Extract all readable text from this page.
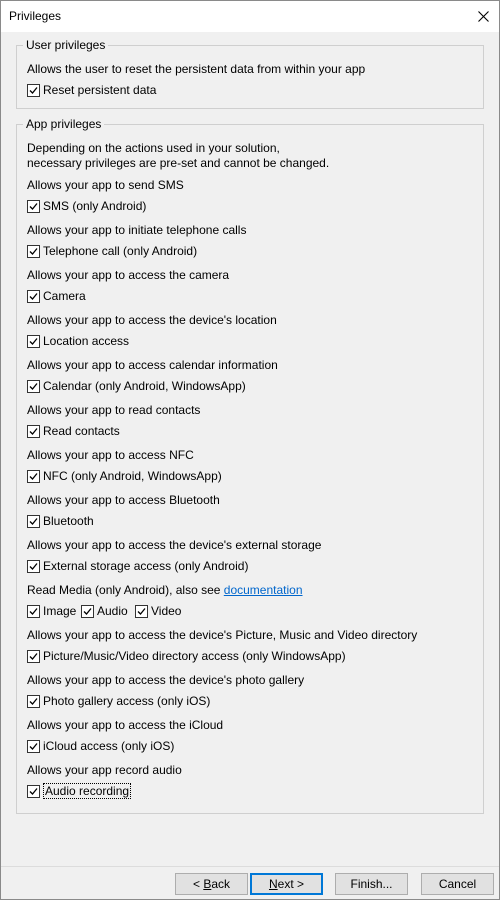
Privileges
User privileges
Allows the user to reset the persistent data from within your app
Reset persistent data
App privileges
Depending on the actions used in your solution,
necessary privileges are pre-set and cannot be changed.
Allows your app to send SMS
SMS (only Android)
Allows your app to initiate telephone calls
Telephone call (only Android)
Allows your app to access the camera
Camera
Allows your app to access the device's location
Location access
Allows your app to access calendar information
Calendar (only Android, WindowsApp)
Allows your app to read contacts
Read contacts
Allows your app to access NFC
NFC (only Android, WindowsApp)
Allows your app to access Bluetooth
Bluetooth
Allows your app to access the device's external storage
External storage access (only Android)
Read Media (only Android), also see documentation
Image Audio Video
Allows your app to access the device's Picture, Music and Video directory
Picture/Music/Video directory access (only WindowsApp)
Allows your app to access the device's photo gallery
Photo gallery access (only iOS)
Allows your app to access the iCloud
iCloud access (only iOS)
Allows your app record audio
Audio recording
< B ack	N ext >	Finish...	Cancel
